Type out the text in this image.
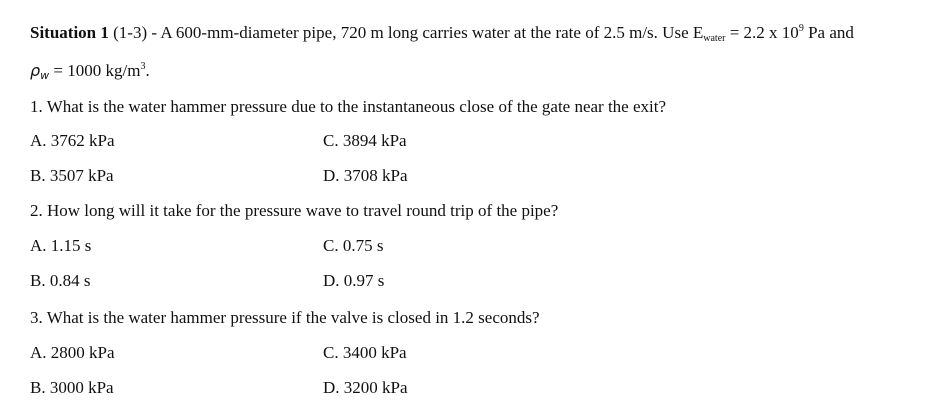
Situation 1 (1-3) - A 600-mm-diameter pipe, 720 m long carries water at the rate of 2.5 m/s. Use Ewater = 2.2 x $10^9$ Pa and
ρw = 1000 $kg/m^3$.
1. What is the water hammer pressure due to the instantaneous close of the gate near the exit?
A. 3762 kPa	C. 3894 kPa
B. 3507 kPa	D. 3708 kPa
2. How long will it take for the pressure wave to travel round trip of the pipe?
A. 1.15 s	C. 0.75 s
B. 0.84 s	D. 0.97 s
3. What is the water hammer pressure if the valve is closed in 1.2 seconds?
A. 2800 kPa	C. 3400 kPa
B. 3000 kPa	D. 3200 kPa
